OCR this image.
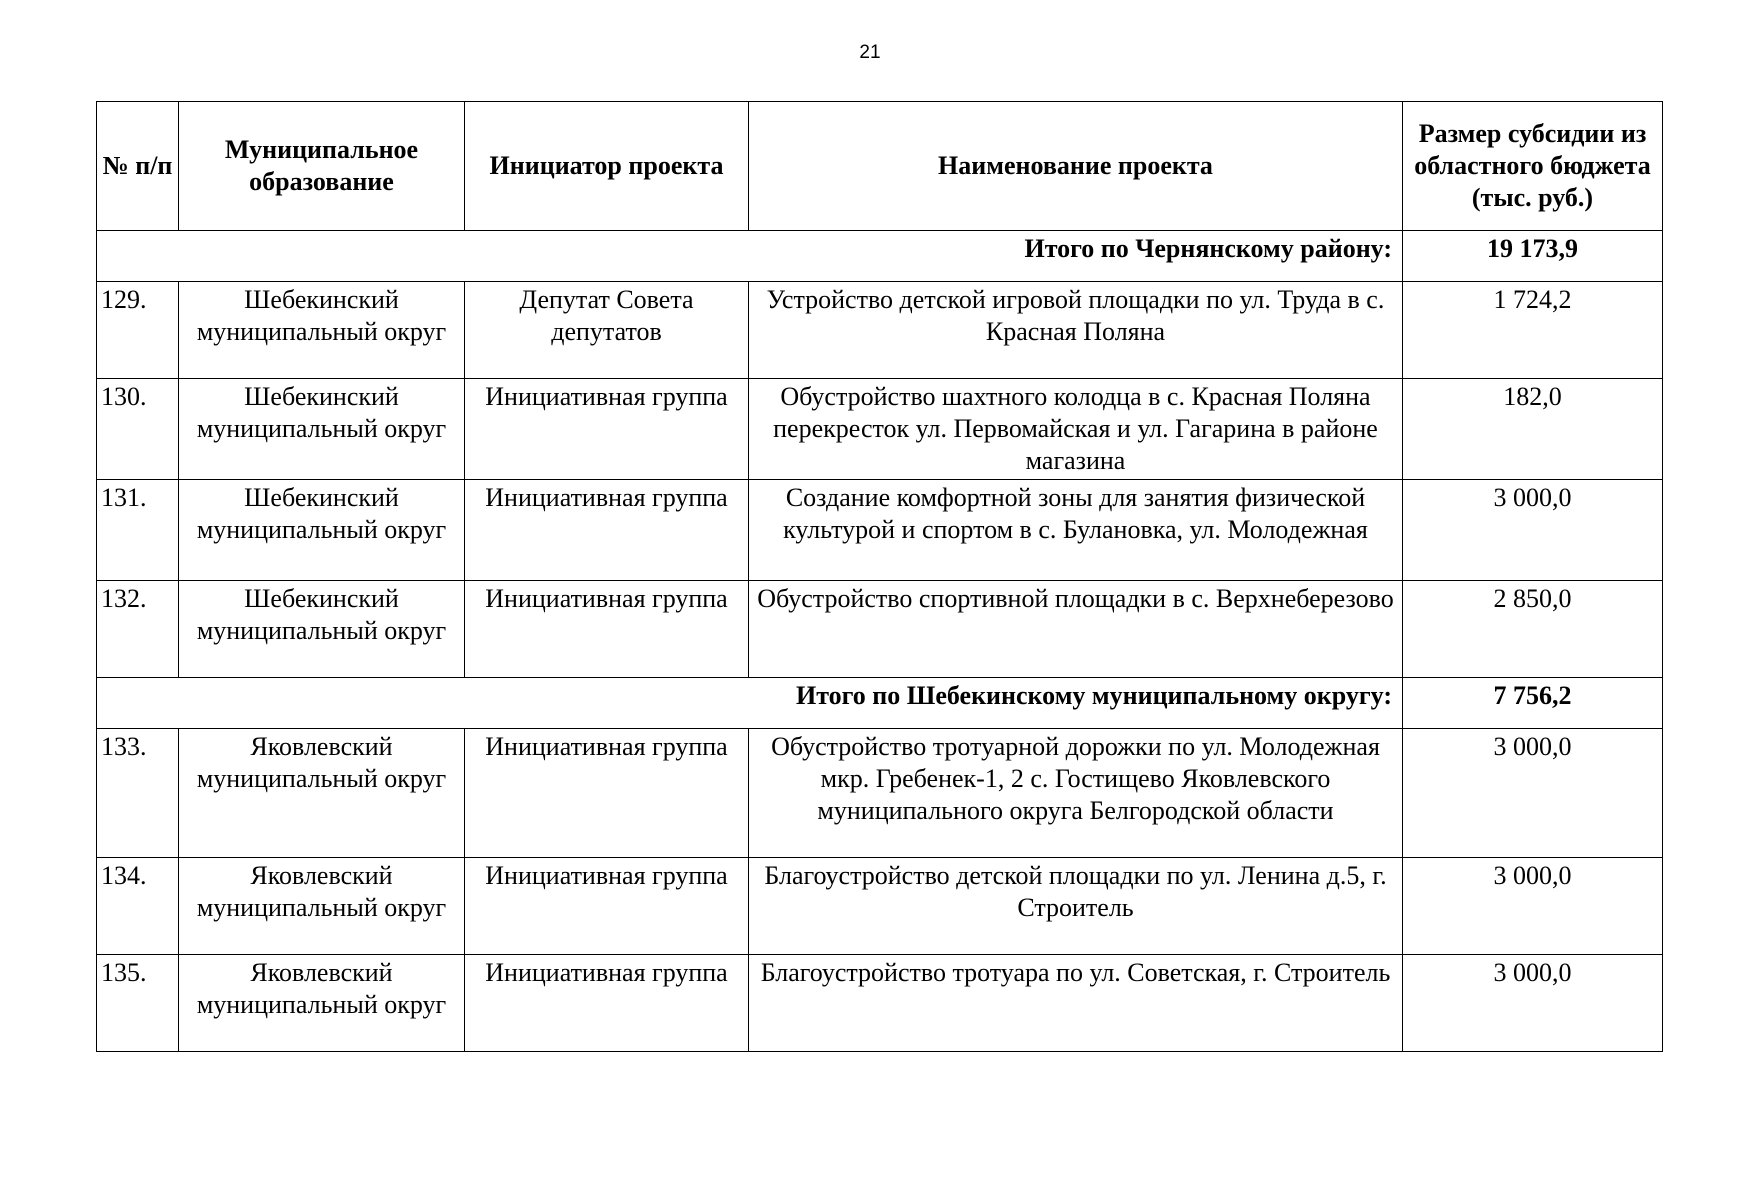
21
№ п/п	Муниципальное образование	Инициатор проекта	Наименование проекта	Размер субсидии из областного бюджета (тыс. руб.)
Итого по Чернянскому району:				19 173,9
129.	Шебекинский муниципальный округ	Депутат Совета депутатов	Устройство детской игровой площадки по ул. Труда в с. Красная Поляна	1 724,2
130.	Шебекинский муниципальный округ	Инициативная группа	Обустройство шахтного колодца в с. Красная Поляна перекресток ул. Первомайская и ул. Гагарина в районе магазина	182,0
131.	Шебекинский муниципальный округ	Инициативная группа	Создание комфортной зоны для занятия физической культурой и спортом в с. Булановка, ул. Молодежная	3 000,0
132.	Шебекинский муниципальный округ	Инициативная группа	Обустройство спортивной площадки в с. Верхнеберезово	2 850,0
Итого по Шебекинскому муниципальному округу:				7 756,2
133.	Яковлевский муниципальный округ	Инициативная группа	Обустройство тротуарной дорожки по ул. Молодежная мкр. Гребенек-1, 2 с. Гостищево Яковлевского муниципального округа Белгородской области	3 000,0
134.	Яковлевский муниципальный округ	Инициативная группа	Благоустройство детской площадки по ул. Ленина д.5, г. Строитель	3 000,0
135.	Яковлевский муниципальный округ	Инициативная группа	Благоустройство тротуара по ул. Советская, г. Строитель	3 000,0
